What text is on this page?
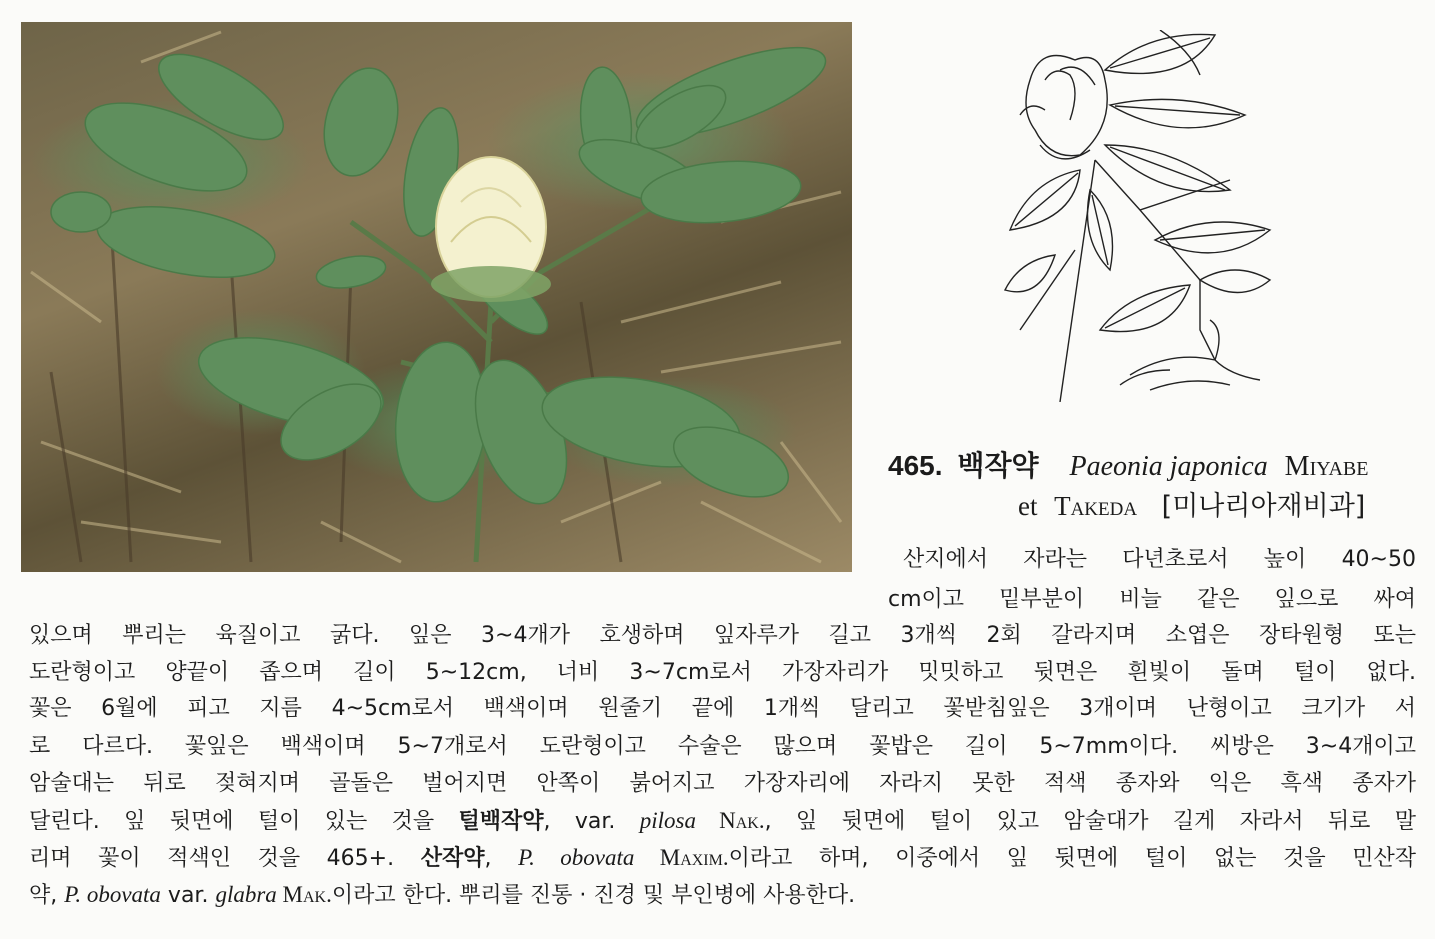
465. 백작약 Paeonia japonica Miyabe
et Takeda [미나리아재비과]
산지에서 자라는 다년초로서 높이 40~50
cm이고 밑부분이 비늘 같은 잎으로 싸여
있으며 뿌리는 육질이고 굵다. 잎은 3~4개가 호생하며 잎자루가 길고 3개씩 2회 갈라지며 소엽은 장타원형 또는
도란형이고 양끝이 좁으며 길이 5~12cm, 너비 3~7cm로서 가장자리가 밋밋하고 뒷면은 흰빛이 돌며 털이 없다.
꽃은 6월에 피고 지름 4~5cm로서 백색이며 원줄기 끝에 1개씩 달리고 꽃받침잎은 3개이며 난형이고 크기가 서
로 다르다. 꽃잎은 백색이며 5~7개로서 도란형이고 수술은 많으며 꽃밥은 길이 5~7mm이다. 씨방은 3~4개이고
암술대는 뒤로 젖혀지며 골돌은 벌어지면 안쪽이 붉어지고 가장자리에 자라지 못한 적색 종자와 익은 흑색 종자가
달린다. 잎 뒷면에 털이 있는 것을 털백작약, var. pilosa Nak., 잎 뒷면에 털이 있고 암술대가 길게 자라서 뒤로 말
리며 꽃이 적색인 것을 465+. 산작약, P. obovata Maxim.이라고 하며, 이중에서 잎 뒷면에 털이 없는 것을 민산작
약, P. obovata var. glabra Mak.이라고 한다. 뿌리를 진통 · 진경 및 부인병에 사용한다.
